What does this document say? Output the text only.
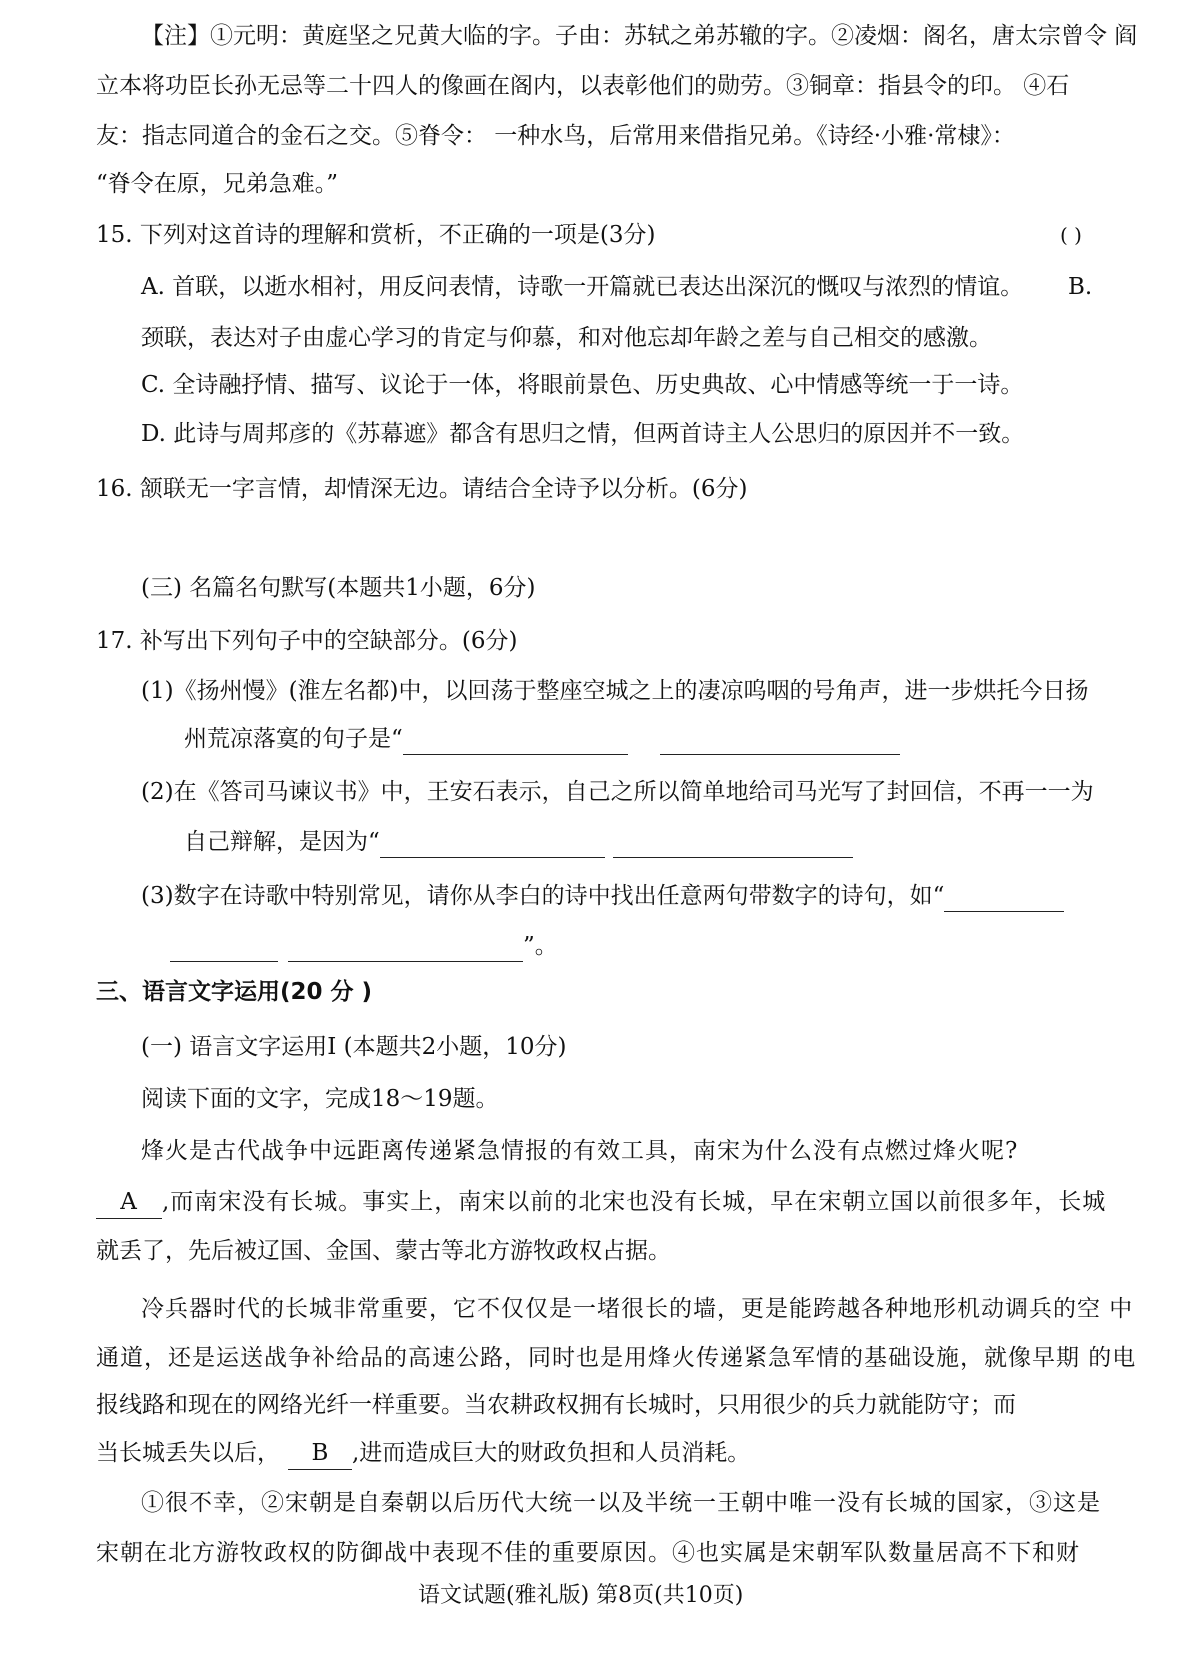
【注】①元明：黄庭坚之兄黄大临的字。子由：苏轼之弟苏辙的字。②凌烟：阁名，唐太宗曾令 阎
立本将功臣长孙无忌等二十四人的像画在阁内，以表彰他们的勋劳。③铜章：指县令的印。 ④石
友：指志同道合的金石之交。⑤脊令： 一种水鸟，后常用来借指兄弟。《诗经·小雅·常棣》：
“脊令在原，兄弟急难。”
15. 下列对这首诗的理解和赏析，不正确的一项是(3分)	( )
A. 首联，以逝水相衬，用反问表情，诗歌一开篇就已表达出深沉的慨叹与浓烈的情谊。 B.
颈联，表达对子由虚心学习的肯定与仰慕，和对他忘却年龄之差与自己相交的感激。
C. 全诗融抒情、描写、议论于一体，将眼前景色、历史典故、心中情感等统一于一诗。
D. 此诗与周邦彦的《苏幕遮》都含有思归之情，但两首诗主人公思归的原因并不一致。
16. 颔联无一字言情，却情深无边。请结合全诗予以分析。(6分)
(三) 名篇名句默写(本题共1小题，6分)
17. 补写出下列句子中的空缺部分。(6分)
(1)《扬州慢》(淮左名都)中，以回荡于整座空城之上的凄凉呜咽的号角声，进一步烘托今日扬
州荒凉落寞的句子是“
(2)在《答司马谏议书》中，王安石表示，自己之所以简单地给司马光写了封回信，不再一一为
自己辩解，是因为“
(3)数字在诗歌中特别常见，请你从李白的诗中找出任意两句带数字的诗句，如“
”。
三、语言文字运用(20 分 )
(一) 语言文字运用Ⅰ (本题共2小题，10分)
阅读下面的文字，完成18～19题。
烽火是古代战争中远距离传递紧急情报的有效工具，南宋为什么没有点燃过烽火呢?
A ,而南宋没有长城。事实上，南宋以前的北宋也没有长城，早在宋朝立国以前很多年，长城
就丢了，先后被辽国、金国、蒙古等北方游牧政权占据。
冷兵器时代的长城非常重要，它不仅仅是一堵很长的墙，更是能跨越各种地形机动调兵的空 中
通道，还是运送战争补给品的高速公路，同时也是用烽火传递紧急军情的基础设施，就像早期 的电
报线路和现在的网络光纤一样重要。当农耕政权拥有长城时，只用很少的兵力就能防守；而
当长城丢失以后， B ,进而造成巨大的财政负担和人员消耗。
①很不幸，②宋朝是自秦朝以后历代大统一以及半统一王朝中唯一没有长城的国家，③这是
宋朝在北方游牧政权的防御战中表现不佳的重要原因。④也实属是宋朝军队数量居高不下和财
语文试题(雅礼版) 第8页(共10页)
